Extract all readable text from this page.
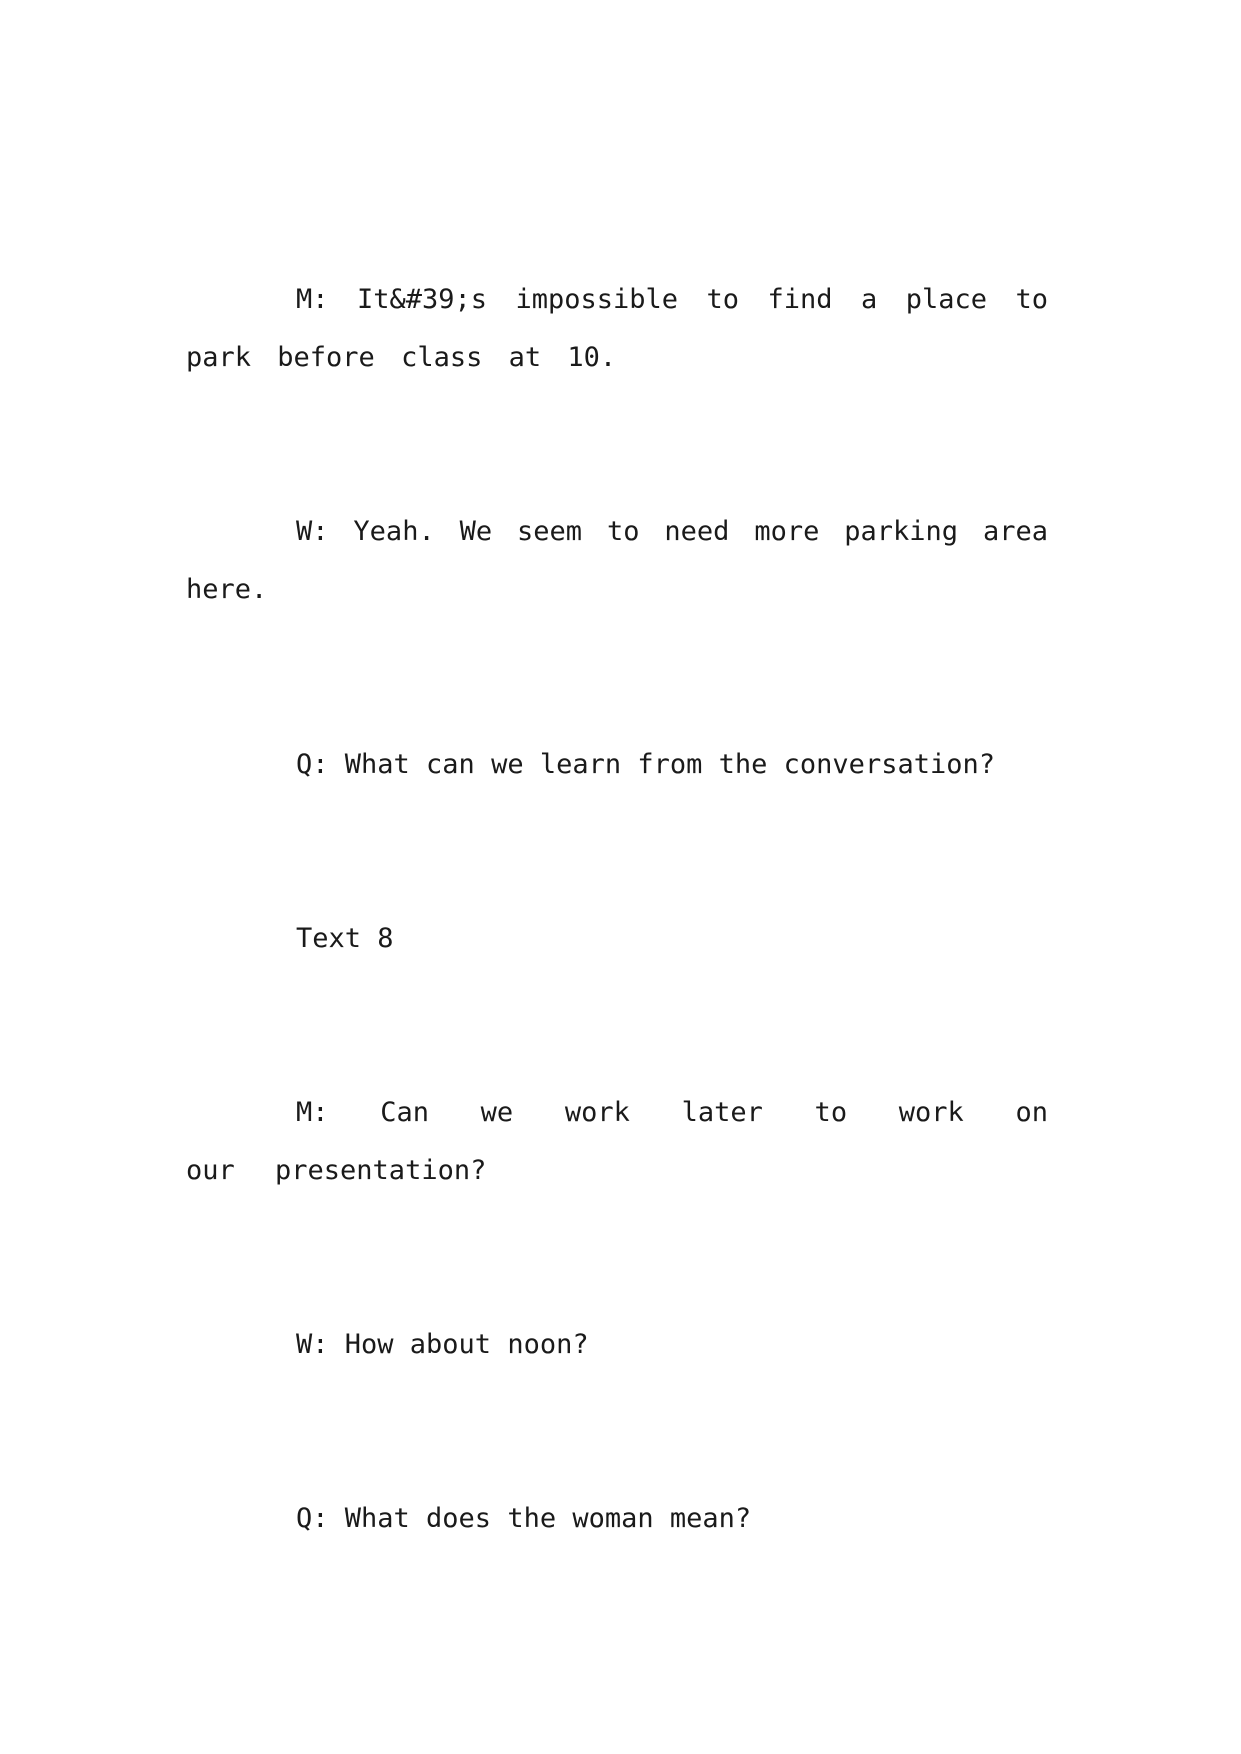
M: It&#39;s impossible to find a place to park before class at 10.

W: Yeah. We seem to need more parking area here.

Q: What can we learn from the conversation?

Text 8

M: Can we work later to work on our presentation?

W: How about noon?

Q: What does the woman mean?
